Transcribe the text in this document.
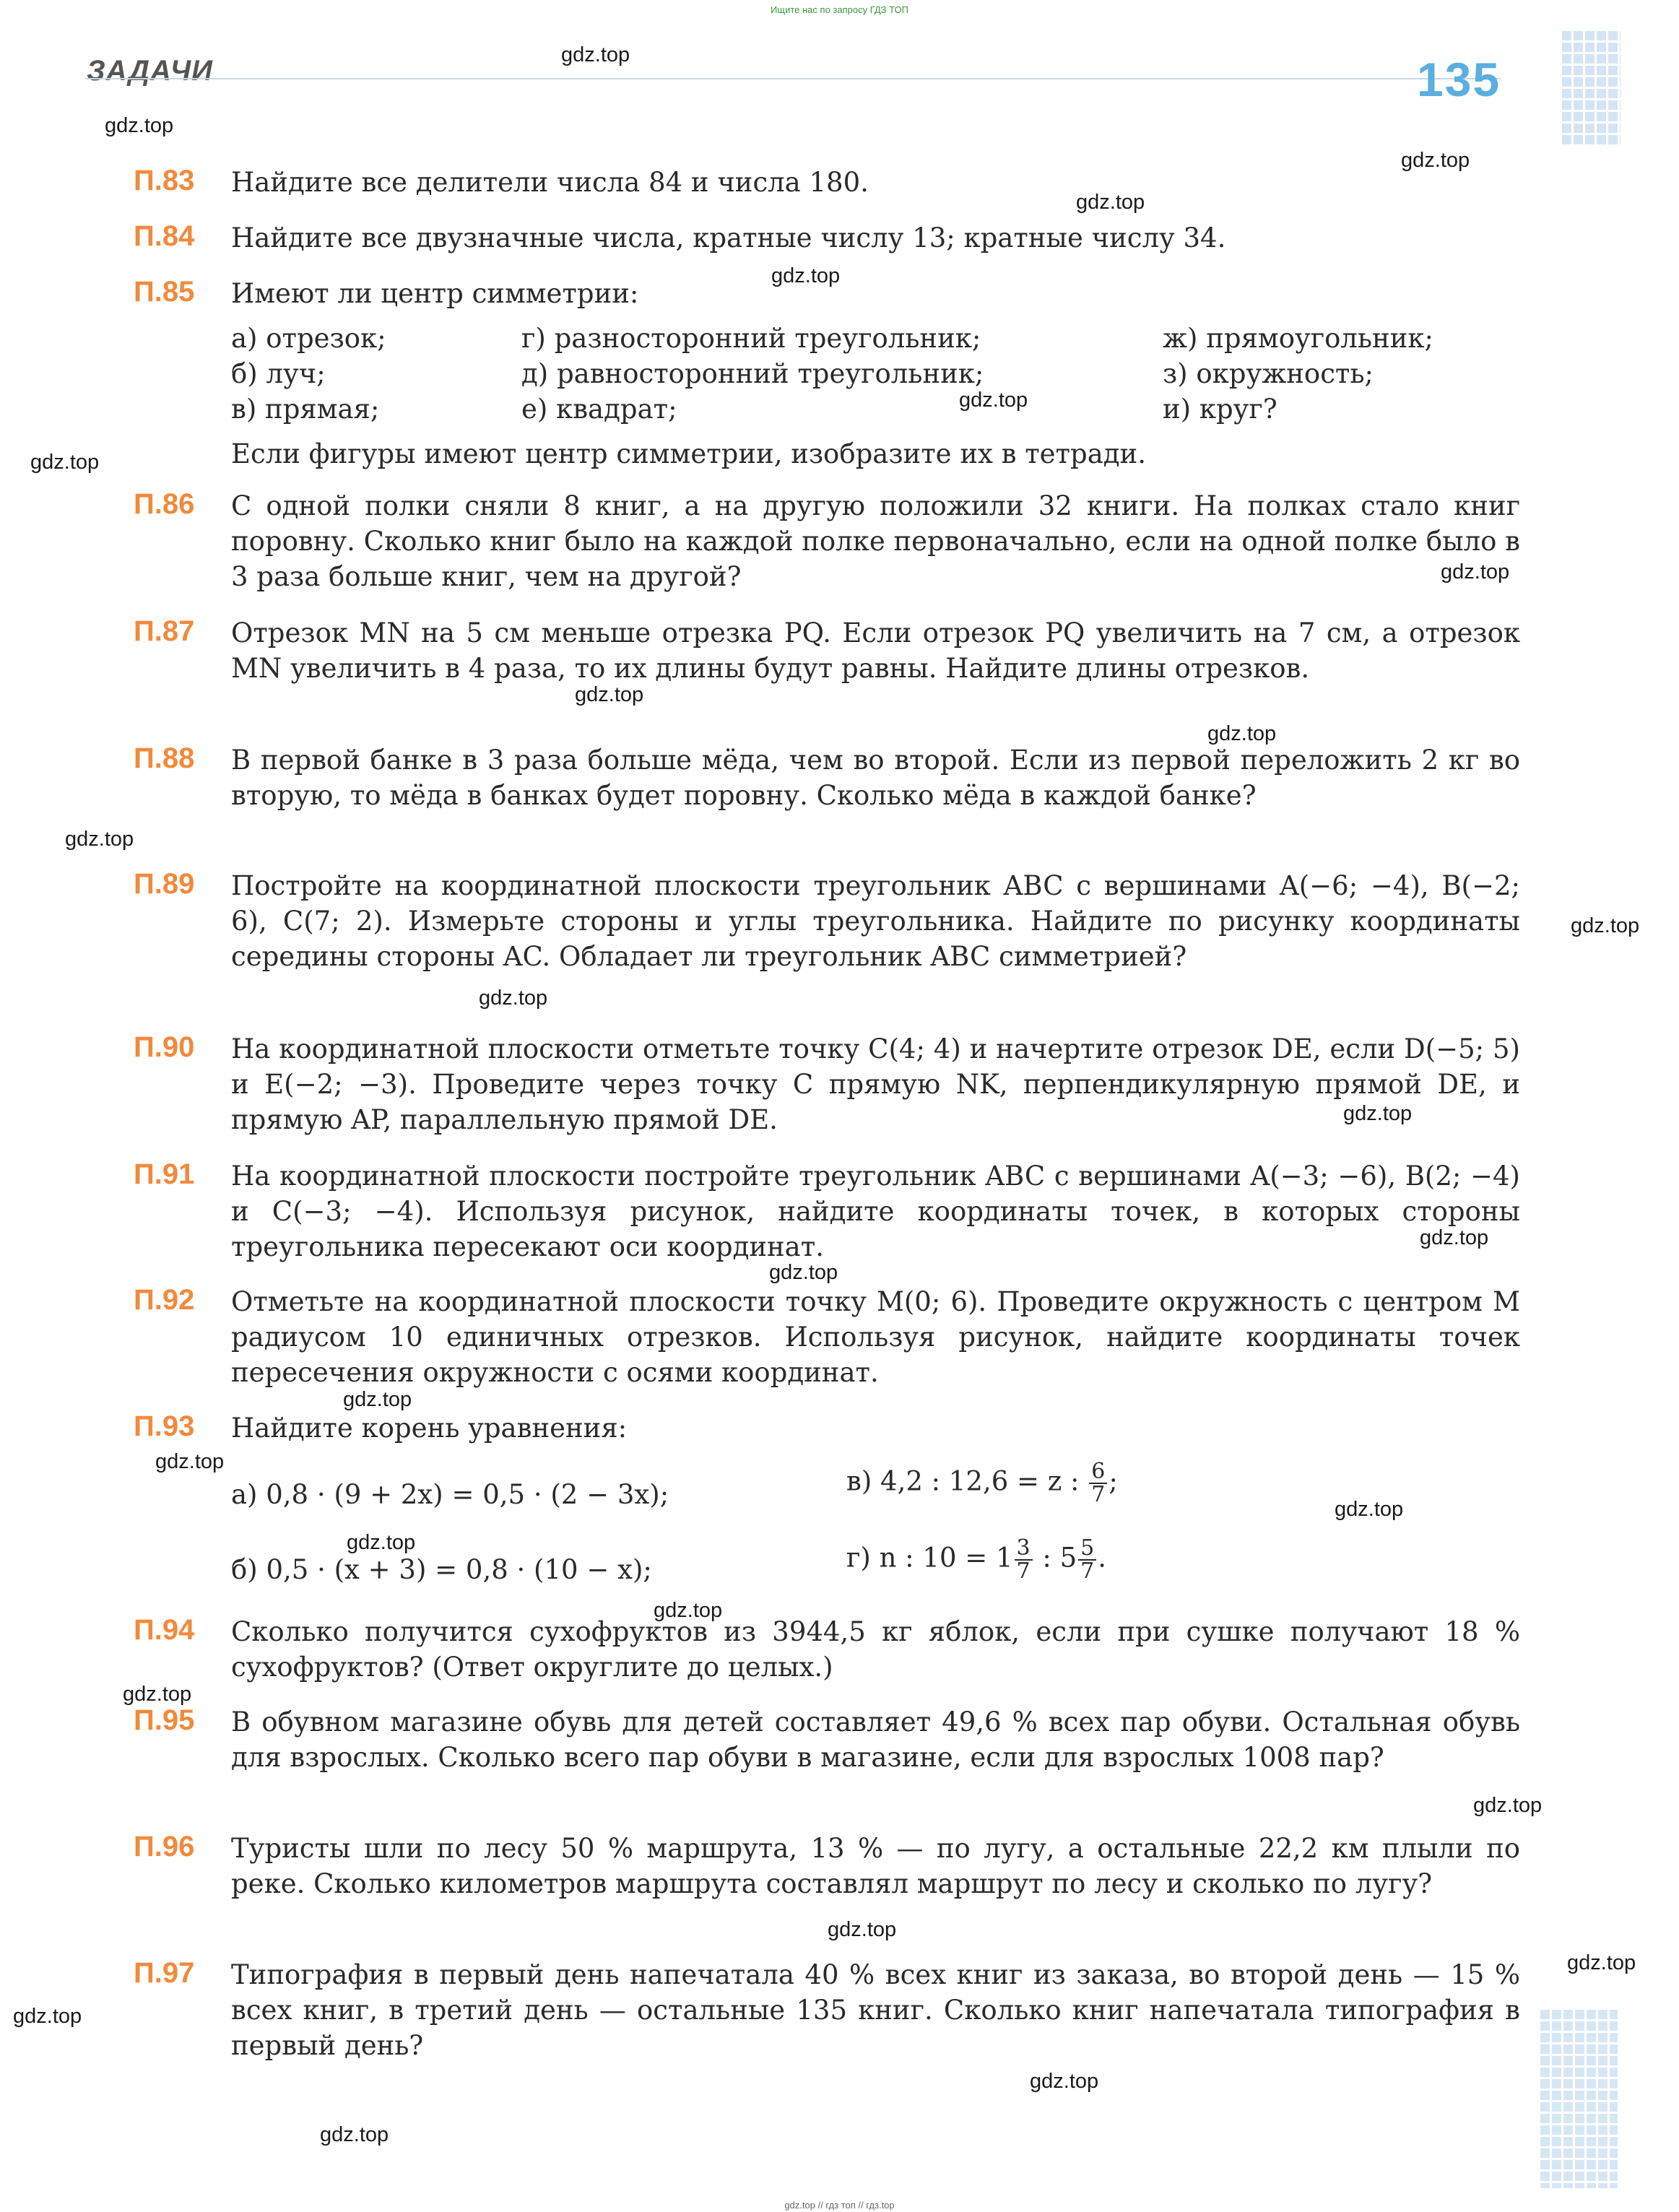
Ищите нас по запросу ГДЗ ТОП
ЗАДАЧИ	135
П.83 Найдите все делители числа 84 и числа 180.
П.84 Найдите все двузначные числа, кратные числу 13; кратные числу 34.
П.85 Имеют ли центр симметрии:
а) отрезок;	г) разносторонний треугольник;	ж) прямоугольник;
б) луч;	д) равносторонний треугольник;	з) окружность;
в) прямая;	е) квадрат;	и) круг?
Если фигуры имеют центр симметрии, изобразите их в тетради.
П.86 С одной полки сняли 8 книг, а на другую положили 32 книги. На полках стало книг поровну. Сколько книг было на каждой полке первоначально, если на одной полке было в 3 раза больше книг, чем на другой?
П.87 Отрезок MN на 5 см меньше отрезка PQ. Если отрезок PQ увеличить на 7 см, а отрезок MN увеличить в 4 раза, то их длины будут равны. Найдите длины отрезков.
П.88 В первой банке в 3 раза больше мёда, чем во второй. Если из первой переложить 2 кг во вторую, то мёда в банках будет поровну. Сколько мёда в каждой банке?
П.89 Постройте на координатной плоскости треугольник ABC с вершинами A(−6; −4), B(−2; 6), C(7; 2). Измерьте стороны и углы треугольника. Найдите по рисунку координаты середины стороны AC. Обладает ли треугольник ABC симметрией?
П.90 На координатной плоскости отметьте точку C(4; 4) и начертите отрезок DE, если D(−5; 5) и E(−2; −3). Проведите через точку C прямую NK, перпендикулярную прямой DE, и прямую AP, параллельную прямой DE.
П.91 На координатной плоскости постройте треугольник ABC с вершинами A(−3; −6), B(2; −4) и C(−3; −4). Используя рисунок, найдите координаты точек, в которых стороны треугольника пересекают оси координат.
П.92 Отметьте на координатной плоскости точку M(0; 6). Проведите окружность с центром M радиусом 10 единичных отрезков. Используя рисунок, найдите координаты точек пересечения окружности с осями координат.
П.93 Найдите корень уравнения:
а) 0,8 · (9 + 2x) = 0,5 · (2 − 3x);	в) 4,2 : 12,6 = z : $\frac{6}{7}$ ;
б) 0,5 · (x + 3) = 0,8 · (10 − x);	г) n : $10 = 1 \frac{3}{7}$ : $5 \frac{5}{7}$ .
П.94 Сколько получится сухофруктов из 3944,5 кг яблок, если при сушке получают 18 % сухофруктов? (Ответ округлите до целых.)
П.95 В обувном магазине обувь для детей составляет 49,6 % всех пар обуви. Остальная обувь для взрослых. Сколько всего пар обуви в магазине, если для взрослых 1008 пар?
П.96 Туристы шли по лесу 50 % маршрута, 13 % — по лугу, а остальные 22,2 км плыли по реке. Сколько километров маршрута составлял маршрут по лесу и сколько по лугу?
П.97 Типография в первый день напечатала 40 % всех книг из заказа, во второй день — 15 % всех книг, в третий день — остальные 135 книг. Сколько книг напечатала типография в первый день?
gdz.top
gdz.top
gdz.top
gdz.top
gdz.top
gdz.top
gdz.top
gdz.top
gdz.top
gdz.top
gdz.top
gdz.top
gdz.top
gdz.top
gdz.top
gdz.top
gdz.top
gdz.top
gdz.top
gdz.top
gdz.top
gdz.top
gdz.top
gdz.top
gdz.top
gdz.top
gdz.top
gdz.top
gdz.top // гдз топ // гдз.top
